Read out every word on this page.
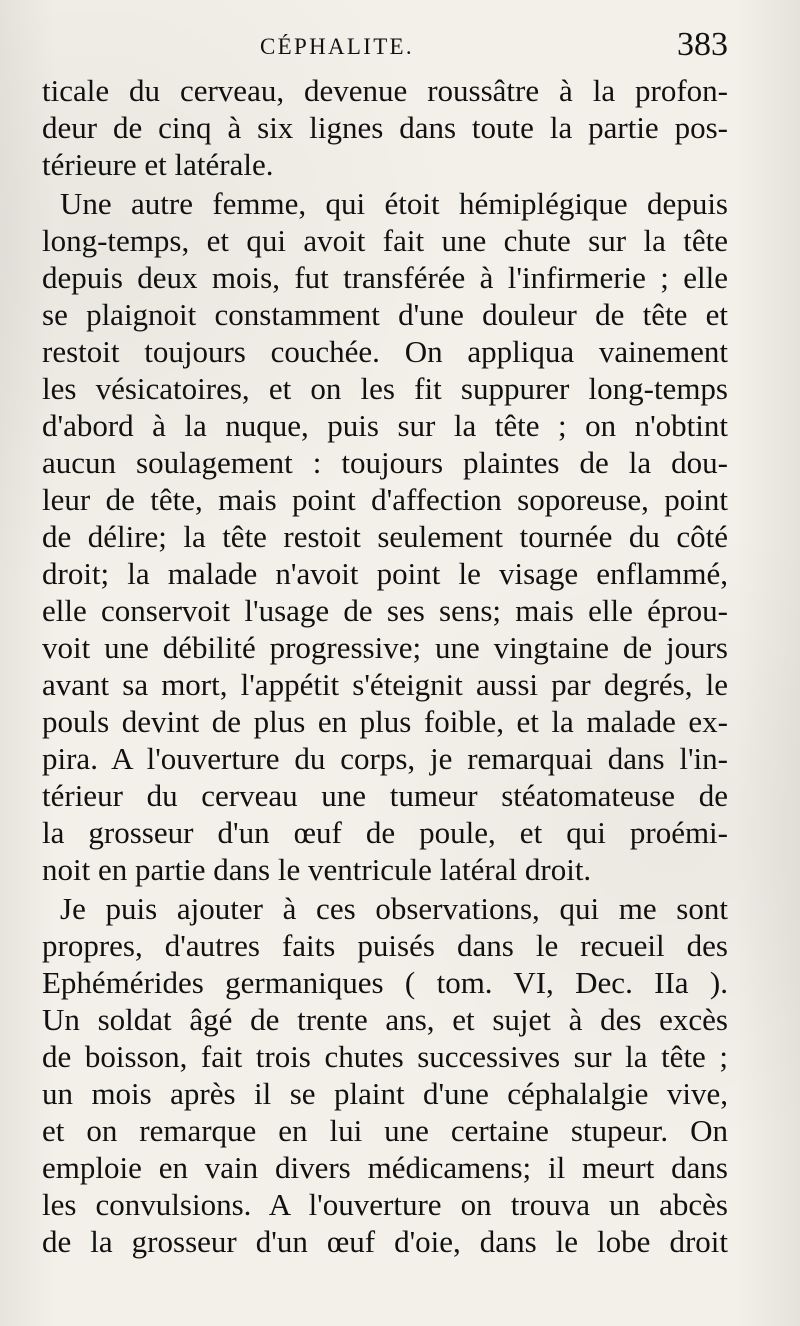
CÉPHALITE.	383
ticale du cerveau, devenue roussâtre à la profon-
deur de cinq à six lignes dans toute la partie pos-
térieure et latérale.
Une autre femme, qui étoit hémiplégique depuis
long-temps, et qui avoit fait une chute sur la tête
depuis deux mois, fut transférée à l'infirmerie ; elle
se plaignoit constamment d'une douleur de tête et
restoit toujours couchée. On appliqua vainement
les vésicatoires, et on les fit suppurer long-temps
d'abord à la nuque, puis sur la tête ; on n'obtint
aucun soulagement : toujours plaintes de la dou-
leur de tête, mais point d'affection soporeuse, point
de délire; la tête restoit seulement tournée du côté
droit; la malade n'avoit point le visage enflammé,
elle conservoit l'usage de ses sens; mais elle éprou-
voit une débilité progressive; une vingtaine de jours
avant sa mort, l'appétit s'éteignit aussi par degrés, le
pouls devint de plus en plus foible, et la malade ex-
pira. A l'ouverture du corps, je remarquai dans l'in-
térieur du cerveau une tumeur stéatomateuse de
la grosseur d'un œuf de poule, et qui proémi-
noit en partie dans le ventricule latéral droit.
Je puis ajouter à ces observations, qui me sont
propres, d'autres faits puisés dans le recueil des
Ephémérides germaniques ( tom. VI, Dec. IIa ).
Un soldat âgé de trente ans, et sujet à des excès
de boisson, fait trois chutes successives sur la tête ;
un mois après il se plaint d'une céphalalgie vive,
et on remarque en lui une certaine stupeur. On
emploie en vain divers médicamens; il meurt dans
les convulsions. A l'ouverture on trouva un abcès
de la grosseur d'un œuf d'oie, dans le lobe droit
